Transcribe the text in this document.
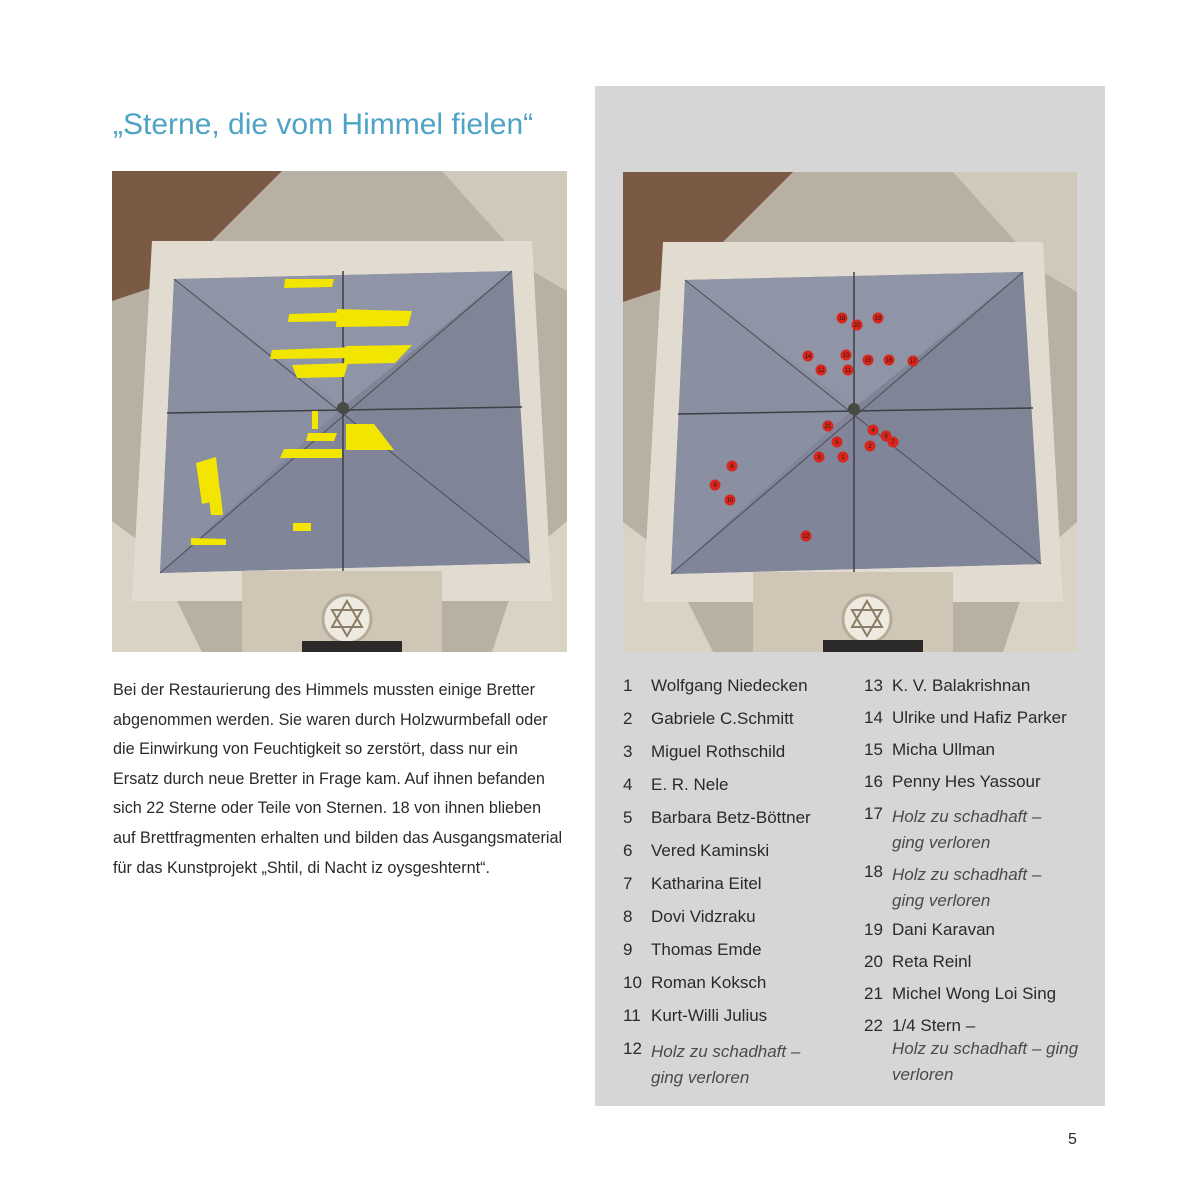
„Sterne, die vom Himmel fielen“
18	19
20
13
14
15 16	17
12	11
21
4
5
6	7
2
3	1
8
9
10
22
Bei der Restaurierung des Himmels mussten einige Bretter abgenommen werden. Sie waren durch Holzwurmbefall oder die Einwirkung von Feuchtigkeit so zerstört, dass nur ein Ersatz durch neue Bretter in Frage kam. Auf ihnen befanden sich 22 Sterne oder Teile von Sternen. 18 von ihnen blieben auf Brettfragmenten erhalten und bilden das Ausgangsmaterial für das Kunstprojekt „Shtil, di Nacht iz oysgeshternt“.
1 Wolfgang Niedecken
2 Gabriele C.Schmitt
3 Miguel Rothschild
4 E. R. Nele
5 Barbara Betz-Böttner
6 Vered Kaminski
7 Katharina Eitel
8 Dovi Vidzraku
9 Thomas Emde
10 Roman Koksch
11 Kurt-Willi Julius
12 Holz zu schadhaft – ging verloren
13 K. V. Balakrishnan
14 Ulrike und Hafiz Parker
15 Micha Ullman
16 Penny Hes Yassour
17 Holz zu schadhaft – ging verloren
18 Holz zu schadhaft – ging verloren
19 Dani Karavan
20 Reta Reinl
21 Michel Wong Loi Sing
22 1/4 Stern –
Holz zu schadhaft – ging verloren
5
